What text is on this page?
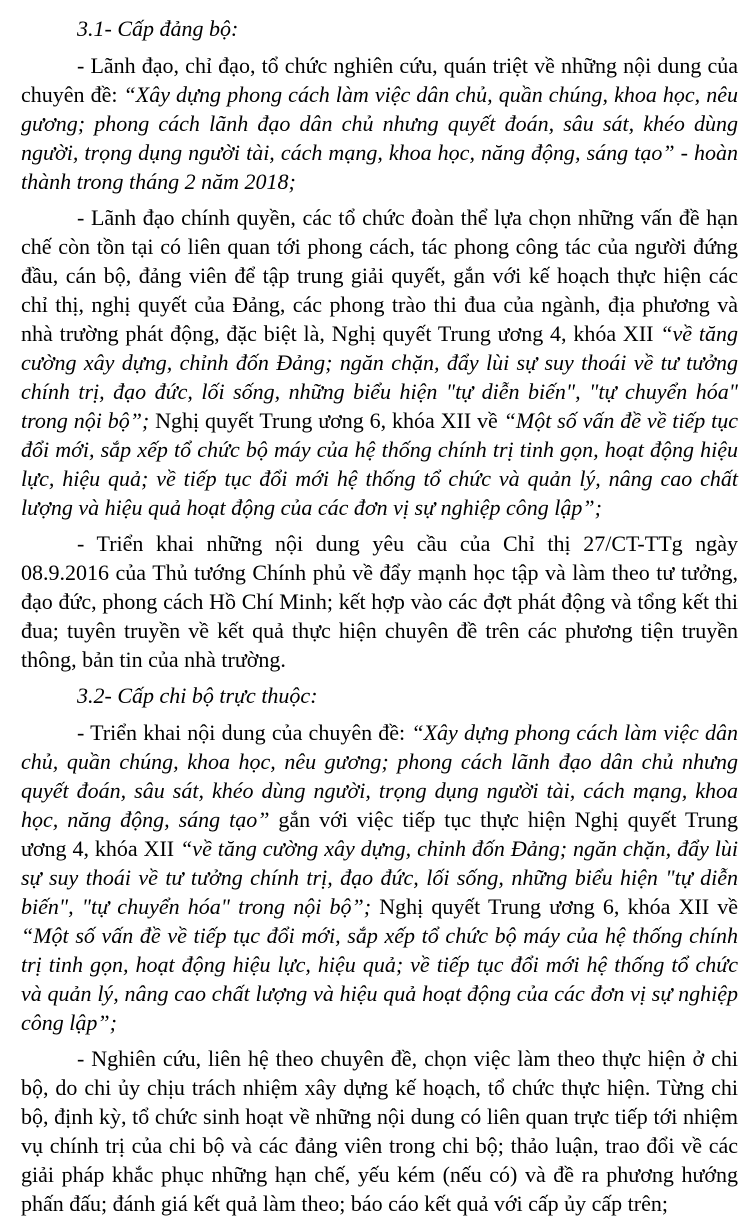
3.1- Cấp đảng bộ:

- Lãnh đạo, chỉ đạo, tổ chức nghiên cứu, quán triệt về những nội dung của chuyên đề: “Xây dựng phong cách làm việc dân chủ, quần chúng, khoa học, nêu gương; phong cách lãnh đạo dân chủ nhưng quyết đoán, sâu sát, khéo dùng người, trọng dụng người tài, cách mạng, khoa học, năng động, sáng tạo” - hoàn thành trong tháng 2 năm 2018;

- Lãnh đạo chính quyền, các tổ chức đoàn thể lựa chọn những vấn đề hạn chế còn tồn tại có liên quan tới phong cách, tác phong công tác của người đứng đầu, cán bộ, đảng viên để tập trung giải quyết, gắn với kế hoạch thực hiện các chỉ thị, nghị quyết của Đảng, các phong trào thi đua của ngành, địa phương và nhà trường phát động, đặc biệt là, Nghị quyết Trung ương 4, khóa XII “về tăng cường xây dựng, chỉnh đốn Đảng; ngăn chặn, đẩy lùi sự suy thoái về tư tưởng chính trị, đạo đức, lối sống, những biểu hiện "tự diễn biến", "tự chuyển hóa" trong nội bộ”; Nghị quyết Trung ương 6, khóa XII về “Một số vấn đề về tiếp tục đổi mới, sắp xếp tổ chức bộ máy của hệ thống chính trị tinh gọn, hoạt động hiệu lực, hiệu quả; về tiếp tục đổi mới hệ thống tổ chức và quản lý, nâng cao chất lượng và hiệu quả hoạt động của các đơn vị sự nghiệp công lập”;

- Triển khai những nội dung yêu cầu của Chỉ thị 27/CT-TTg ngày 08.9.2016 của Thủ tướng Chính phủ về đẩy mạnh học tập và làm theo tư tưởng, đạo đức, phong cách Hồ Chí Minh; kết hợp vào các đợt phát động và tổng kết thi đua; tuyên truyền về kết quả thực hiện chuyên đề trên các phương tiện truyền thông, bản tin của nhà trường.

3.2- Cấp chi bộ trực thuộc:

- Triển khai nội dung của chuyên đề: “Xây dựng phong cách làm việc dân chủ, quần chúng, khoa học, nêu gương; phong cách lãnh đạo dân chủ nhưng quyết đoán, sâu sát, khéo dùng người, trọng dụng người tài, cách mạng, khoa học, năng động, sáng tạo” gắn với việc tiếp tục thực hiện Nghị quyết Trung ương 4, khóa XII “về tăng cường xây dựng, chỉnh đốn Đảng; ngăn chặn, đẩy lùi sự suy thoái về tư tưởng chính trị, đạo đức, lối sống, những biểu hiện "tự diễn biến", "tự chuyển hóa" trong nội bộ”; Nghị quyết Trung ương 6, khóa XII về “Một số vấn đề về tiếp tục đổi mới, sắp xếp tổ chức bộ máy của hệ thống chính trị tinh gọn, hoạt động hiệu lực, hiệu quả; về tiếp tục đổi mới hệ thống tổ chức và quản lý, nâng cao chất lượng và hiệu quả hoạt động của các đơn vị sự nghiệp công lập”;

- Nghiên cứu, liên hệ theo chuyên đề, chọn việc làm theo thực hiện ở chi bộ, do chi ủy chịu trách nhiệm xây dựng kế hoạch, tổ chức thực hiện. Từng chi bộ, định kỳ, tổ chức sinh hoạt về những nội dung có liên quan trực tiếp tới nhiệm vụ chính trị của chi bộ và các đảng viên trong chi bộ; thảo luận, trao đổi về các giải pháp khắc phục những hạn chế, yếu kém (nếu có) và đề ra phương hướng phấn đấu; đánh giá kết quả làm theo; báo cáo kết quả với cấp ủy cấp trên;
